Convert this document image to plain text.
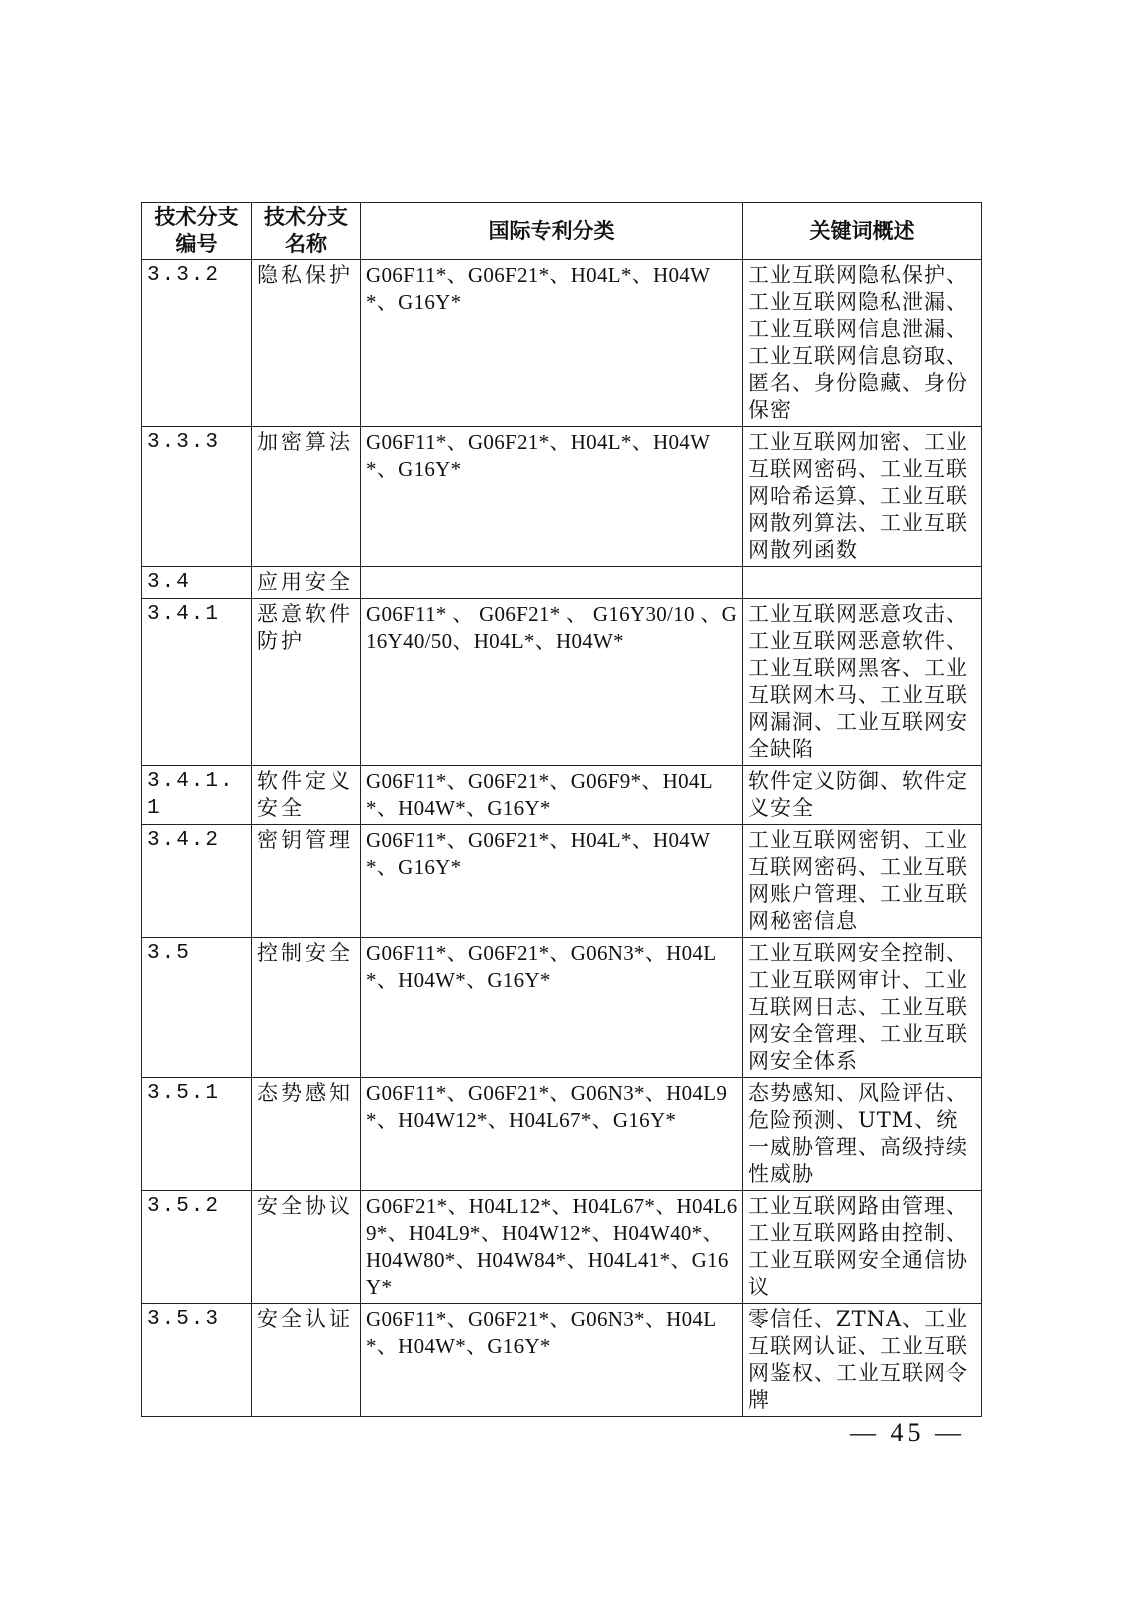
技术分支编号	技术分支名称	国际专利分类	关键词概述
3.3.2	隐私保护	G06F11*、G06F21*、H04L*、H04W*、G16Y*	工业互联网隐私保护、工业互联网隐私泄漏、工业互联网信息泄漏、工业互联网信息窃取、匿名、身份隐藏、身份保密
3.3.3	加密算法	G06F11*、G06F21*、H04L*、H04W*、G16Y*	工业互联网加密、工业互联网密码、工业互联网哈希运算、工业互联网散列算法、工业互联网散列函数
3.4	应用安全		
3.4.1	恶意软件防护	G06F11* 、 G06F21* 、 G16Y30/10 、G16Y40/50、H04L*、H04W*	工业互联网恶意攻击、工业互联网恶意软件、工业互联网黑客、工业互联网木马、工业互联网漏洞、工业互联网安全缺陷
3.4.1.1	软件定义安全	G06F11*、G06F21*、G06F9*、H04L*、H04W*、G16Y*	软件定义防御、软件定义安全
3.4.2	密钥管理	G06F11*、G06F21*、H04L*、H04W*、G16Y*	工业互联网密钥、工业互联网密码、工业互联网账户管理、工业互联网秘密信息
3.5	控制安全	G06F11*、G06F21*、G06N3*、H04L*、H04W*、G16Y*	工业互联网安全控制、工业互联网审计、工业互联网日志、工业互联网安全管理、工业互联网安全体系
3.5.1	态势感知	G06F11*、G06F21*、G06N3*、H04L9*、H04W12*、H04L67*、G16Y*	态势感知、风险评估、危险预测、UTM、统一威胁管理、高级持续性威胁
3.5.2	安全协议	G06F21*、H04L12*、H04L67*、H04L69*、H04L9*、H04W12*、H04W40*、H04W80*、H04W84*、H04L41*、G16Y*	工业互联网路由管理、工业互联网路由控制、工业互联网安全通信协议
3.5.3	安全认证	G06F11*、G06F21*、G06N3*、H04L*、H04W*、G16Y*	零信任、ZTNA、工业互联网认证、工业互联网鉴权、工业互联网令牌
— 45 —
